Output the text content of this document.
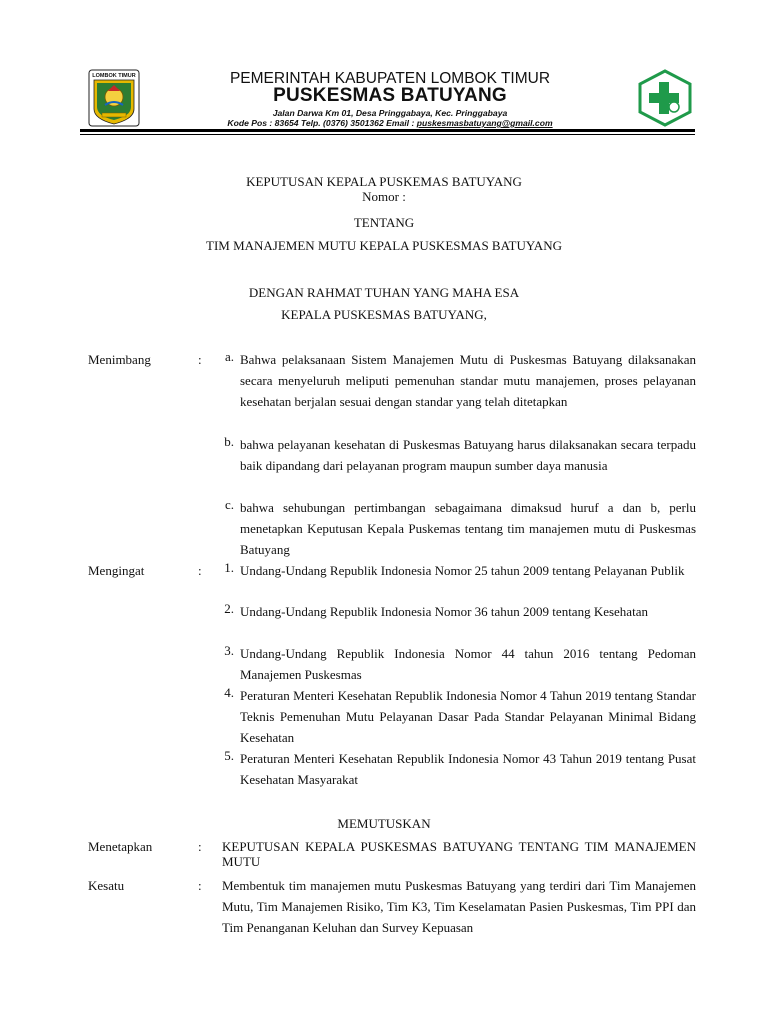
LOMBOK TIMUR	PEMERINTAH KABUPATEN LOMBOK TIMUR
PUSKESMAS BATUYANG
Jalan Darwa Km 01, Desa Pringgabaya, Kec. Pringgabaya
Kode Pos : 83654 Telp. (0376) 3501362 Email : puskesmasbatuyang@gmail.com
KEPUTUSAN KEPALA PUSKEMAS BATUYANG
Nomor :
TENTANG
TIM MANAJEMEN MUTU KEPALA PUSKESMAS BATUYANG
DENGAN RAHMAT TUHAN YANG MAHA ESA
KEPALA PUSKESMAS BATUYANG,
Menimbang	:	a. Bahwa pelaksanaan Sistem Manajemen Mutu di Puskesmas Batuyang dilaksanakan secara menyeluruh meliputi pemenuhan standar mutu manajemen, proses pelayanan kesehatan berjalan sesuai dengan standar yang telah ditetapkan
b. bahwa pelayanan kesehatan di Puskesmas Batuyang harus dilaksanakan secara terpadu baik dipandang dari pelayanan program maupun sumber daya manusia
c. bahwa sehubungan pertimbangan sebagaimana dimaksud huruf a dan b, perlu menetapkan Keputusan Kepala Puskemas tentang tim manajemen mutu di Puskesmas Batuyang
Mengingat	:	1. Undang-Undang Republik Indonesia Nomor 25 tahun 2009 tentang Pelayanan Publik
2. Undang-Undang Republik Indonesia Nomor 36 tahun 2009 tentang Kesehatan
3. Undang-Undang Republik Indonesia Nomor 44 tahun 2016 tentang Pedoman Manajemen Puskesmas
4. Peraturan Menteri Kesehatan Republik Indonesia Nomor 4 Tahun 2019 tentang Standar Teknis Pemenuhan Mutu Pelayanan Dasar Pada Standar Pelayanan Minimal Bidang Kesehatan
5. Peraturan Menteri Kesehatan Republik Indonesia Nomor 43 Tahun 2019 tentang Pusat Kesehatan Masyarakat
MEMUTUSKAN
Menetapkan	: KEPUTUSAN KEPALA PUSKESMAS BATUYANG TENTANG TIM MANAJEMEN MUTU
Kesatu	: Membentuk tim manajemen mutu Puskesmas Batuyang yang terdiri dari Tim Manajemen Mutu, Tim Manajemen Risiko, Tim K3, Tim Keselamatan Pasien Puskesmas, Tim PPI dan Tim Penanganan Keluhan dan Survey Kepuasan
